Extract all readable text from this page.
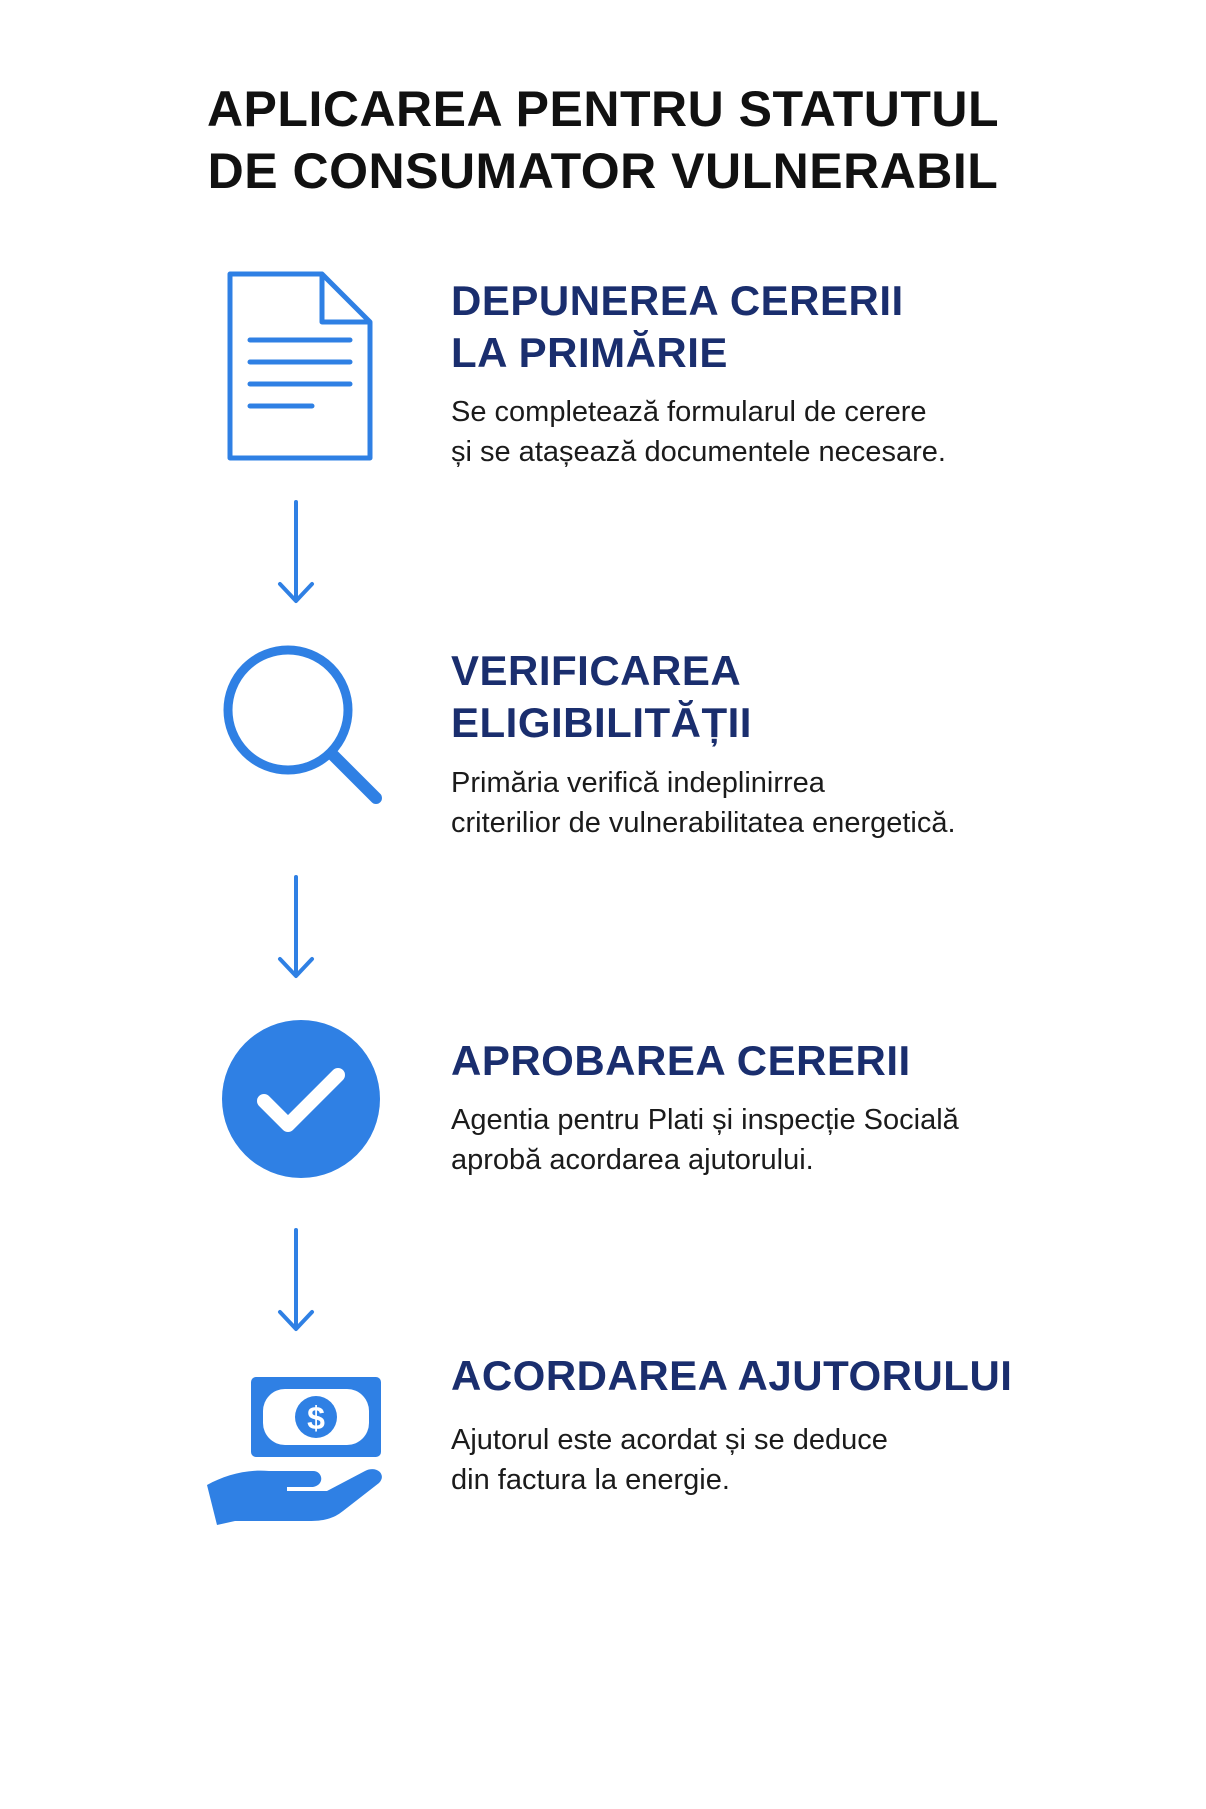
APLICAREA PENTRU STATUTUL
DE CONSUMATOR VULNERABIL
DEPUNEREA CERERII
LA PRIMĂRIE
Se completează formularul de cerere
și se atașează documentele necesare.
VERIFICAREA
ELIGIBILITĂȚII
Primăria verifică indeplinirrea
criterilior de vulnerabilitatea energetică.
APROBAREA CERERII
Agentia pentru Plati și inspecție Socială
aprobă acordarea ajutorului.
$
ACORDAREA AJUTORULUI
Ajutorul este acordat și se deduce
din factura la energie.
